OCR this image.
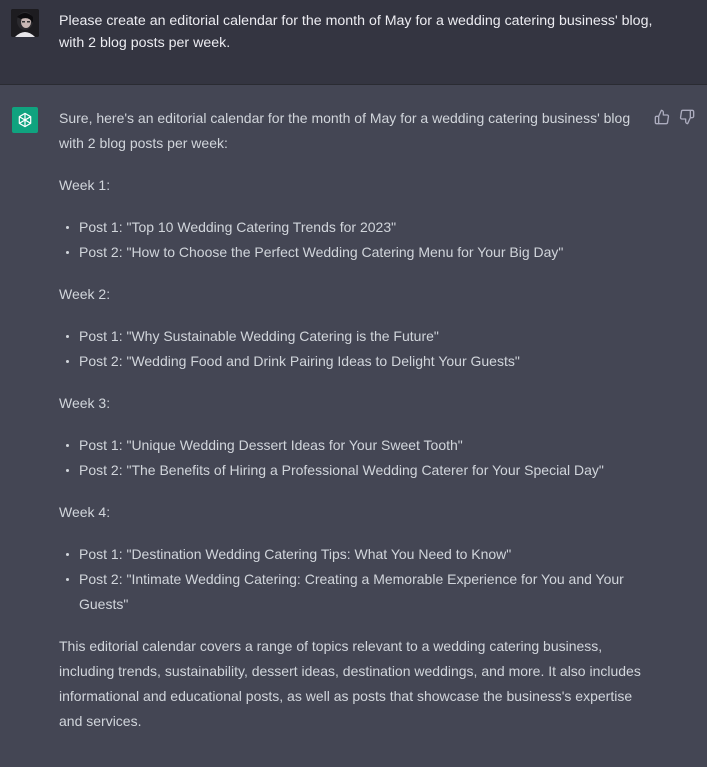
Please create an editorial calendar for the month of May for a wedding catering business' blog, with 2 blog posts per week.

Sure, here's an editorial calendar for the month of May for a wedding catering business' blog with 2 blog posts per week:

Week 1:

Post 1: "Top 10 Wedding Catering Trends for 2023"
Post 2: "How to Choose the Perfect Wedding Catering Menu for Your Big Day"

Week 2:

Post 1: "Why Sustainable Wedding Catering is the Future"
Post 2: "Wedding Food and Drink Pairing Ideas to Delight Your Guests"

Week 3:

Post 1: "Unique Wedding Dessert Ideas for Your Sweet Tooth"
Post 2: "The Benefits of Hiring a Professional Wedding Caterer for Your Special Day"

Week 4:

Post 1: "Destination Wedding Catering Tips: What You Need to Know"
Post 2: "Intimate Wedding Catering: Creating a Memorable Experience for You and Your Guests"

This editorial calendar covers a range of topics relevant to a wedding catering business, including trends, sustainability, dessert ideas, destination weddings, and more. It also includes informational and educational posts, as well as posts that showcase the business's expertise and services.
